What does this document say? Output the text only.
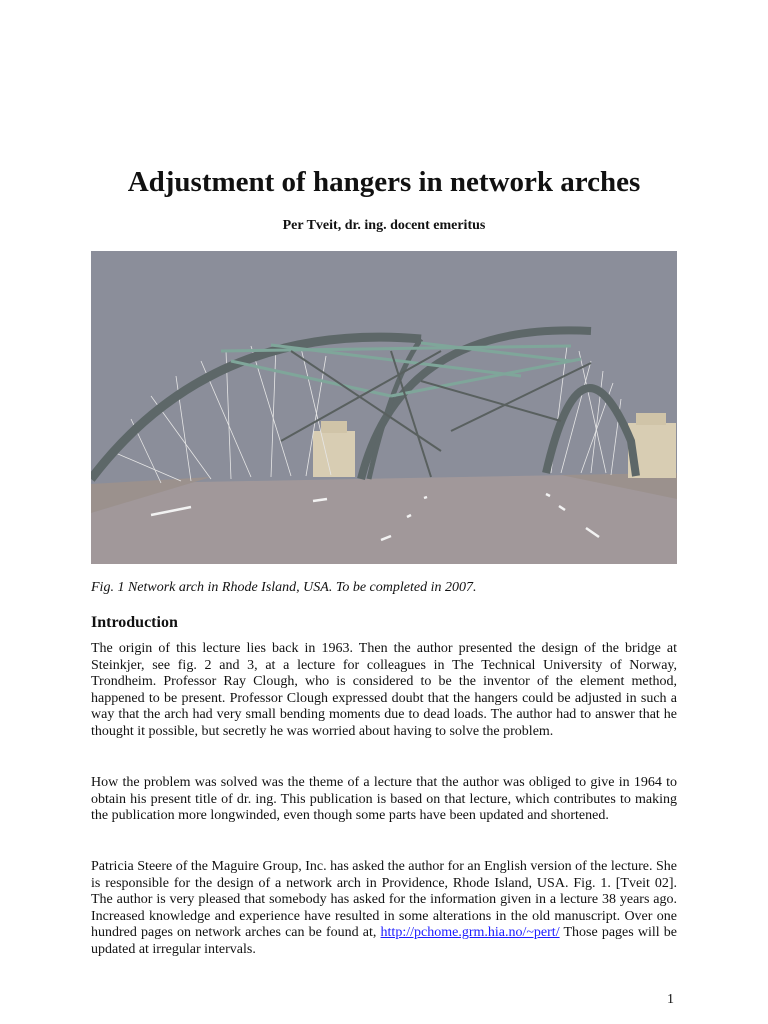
Adjustment of hangers in network arches

Per Tveit, dr. ing. docent emeritus

Fig. 1 Network arch in Rhode Island, USA. To be completed in 2007.

Introduction

The origin of this lecture lies back in 1963. Then the author presented the design of the bridge at Steinkjer, see fig. 2 and 3, at a lecture for colleagues in The Technical University of Norway, Trondheim. Professor Ray Clough, who is considered to be the inventor of the element method, happened to be present. Professor Clough expressed doubt that the hangers could be adjusted in such a way that the arch had very small bending moments due to dead loads. The author had to answer that he thought it possible, but secretly he was worried about having to solve the problem.

How the problem was solved was the theme of a lecture that the author was obliged to give in 1964 to obtain his present title of dr. ing. This publication is based on that lecture, which contributes to making the publication more longwinded, even though some parts have been updated and shortened.

Patricia Steere of the Maguire Group, Inc. has asked the author for an English version of the lecture. She is responsible for the design of a network arch in Providence, Rhode Island, USA. Fig. 1. [Tveit 02]. The author is very pleased that somebody has asked for the information given in a lecture 38 years ago. Increased knowledge and experience have resulted in some alterations in the old manuscript. Over one hundred pages on network arches can be found at, http://pchome.grm.hia.no/~pert/ Those pages will be updated at irregular intervals.

1
